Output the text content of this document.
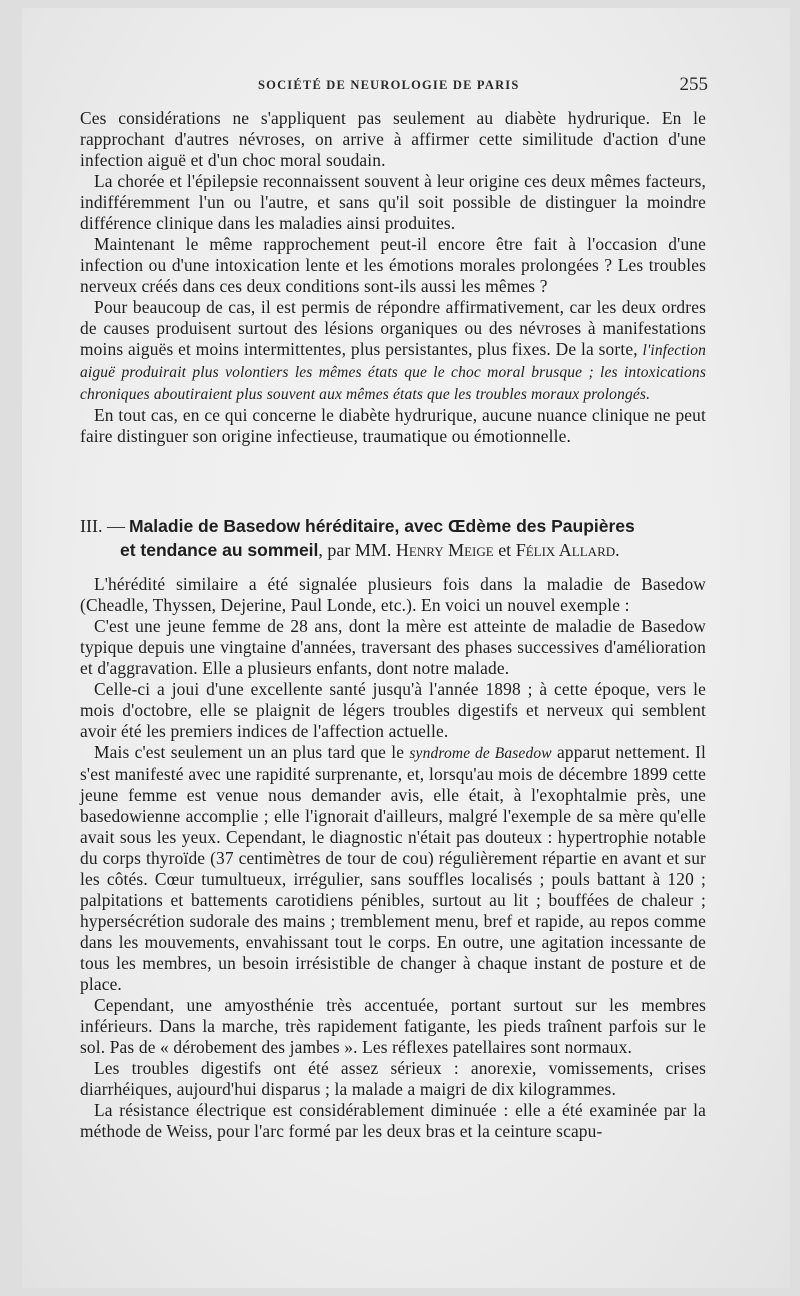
SOCIÉTÉ DE NEUROLOGIE DE PARIS	255

Ces considérations ne s'appliquent pas seulement au diabète hydrurique. En le rapprochant d'autres névroses, on arrive à affirmer cette similitude d'action d'une infection aiguë et d'un choc moral soudain.

La chorée et l'épilepsie reconnaissent souvent à leur origine ces deux mêmes facteurs, indifféremment l'un ou l'autre, et sans qu'il soit possible de distinguer la moindre différence clinique dans les maladies ainsi produites.

Maintenant le même rapprochement peut-il encore être fait à l'occasion d'une infection ou d'une intoxication lente et les émotions morales prolongées ? Les troubles nerveux créés dans ces deux conditions sont-ils aussi les mêmes ?

Pour beaucoup de cas, il est permis de répondre affirmativement, car les deux ordres de causes produisent surtout des lésions organiques ou des névroses à manifestations moins aiguës et moins intermittentes, plus persistantes, plus fixes. De la sorte, l'infection aiguë produirait plus volontiers les mêmes états que le choc moral brusque ; les intoxications chroniques aboutiraient plus souvent aux mêmes états que les troubles moraux prolongés.

En tout cas, en ce qui concerne le diabète hydrurique, aucune nuance clinique ne peut faire distinguer son origine infectieuse, traumatique ou émotionnelle.

III. — Maladie de Basedow héréditaire, avec Œdème des Paupières
et tendance au sommeil, par MM. Henry Meige et Félix Allard.

L'hérédité similaire a été signalée plusieurs fois dans la maladie de Basedow (Cheadle, Thyssen, Dejerine, Paul Londe, etc.). En voici un nouvel exemple :

C'est une jeune femme de 28 ans, dont la mère est atteinte de maladie de Basedow typique depuis une vingtaine d'années, traversant des phases successives d'amélioration et d'aggravation. Elle a plusieurs enfants, dont notre malade.

Celle-ci a joui d'une excellente santé jusqu'à l'année 1898 ; à cette époque, vers le mois d'octobre, elle se plaignit de légers troubles digestifs et nerveux qui semblent avoir été les premiers indices de l'affection actuelle.

Mais c'est seulement un an plus tard que le syndrome de Basedow apparut nettement. Il s'est manifesté avec une rapidité surprenante, et, lorsqu'au mois de décembre 1899 cette jeune femme est venue nous demander avis, elle était, à l'exophtalmie près, une basedowienne accomplie ; elle l'ignorait d'ailleurs, malgré l'exemple de sa mère qu'elle avait sous les yeux. Cependant, le diagnostic n'était pas douteux : hypertrophie notable du corps thyroïde (37 centimètres de tour de cou) régulièrement répartie en avant et sur les côtés. Cœur tumultueux, irrégulier, sans souffles localisés ; pouls battant à 120 ; palpitations et battements carotidiens pénibles, surtout au lit ; bouffées de chaleur ; hypersécrétion sudorale des mains ; tremblement menu, bref et rapide, au repos comme dans les mouvements, envahissant tout le corps. En outre, une agitation incessante de tous les membres, un besoin irrésistible de changer à chaque instant de posture et de place.

Cependant, une amyosthénie très accentuée, portant surtout sur les membres inférieurs. Dans la marche, très rapidement fatigante, les pieds traînent parfois sur le sol. Pas de « dérobement des jambes ». Les réflexes patellaires sont normaux.

Les troubles digestifs ont été assez sérieux : anorexie, vomissements, crises diarrhéiques, aujourd'hui disparus ; la malade a maigri de dix kilogrammes.

La résistance électrique est considérablement diminuée : elle a été examinée par la méthode de Weiss, pour l'arc formé par les deux bras et la ceinture scapu-
